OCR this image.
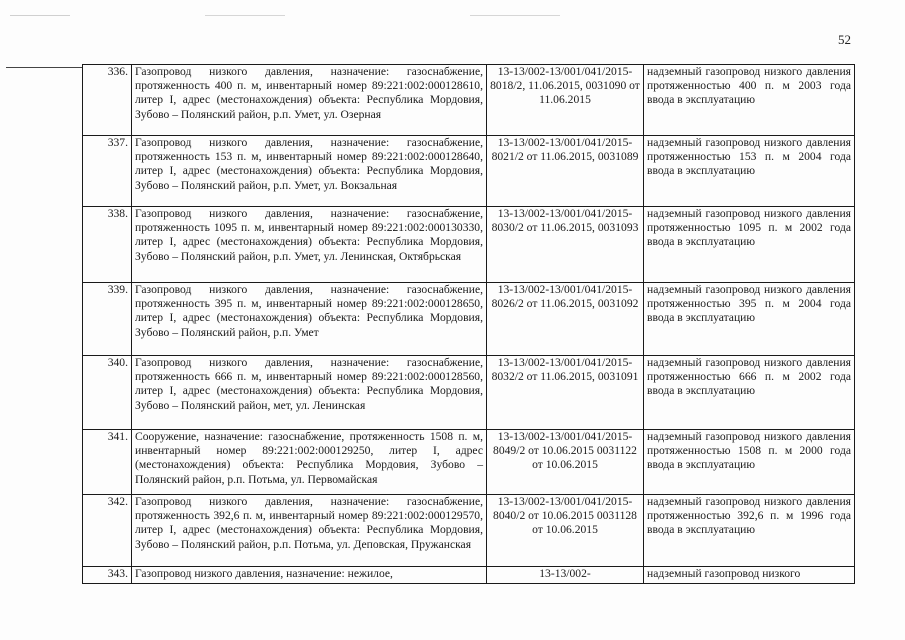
52
336.	Газопровод низкого давления, назначение: газоснабжение, протяженность 400 п. м, инвентарный номер 89:221:002:000128610, литер I, адрес (местонахождения) объекта: Республика Мордовия, Зубово – Полянский район, р.п. Умет, ул. Озерная	13-13/002-13/001/041/2015-8018/2, 11.06.2015, 0031090 от 11.06.2015	надземный газопровод низкого давления протяженностью 400 п. м 2003 года ввода в эксплуатацию
337.	Газопровод низкого давления, назначение: газоснабжение, протяженность 153 п. м, инвентарный номер 89:221:002:000128640, литер I, адрес (местонахождения) объекта: Республика Мордовия, Зубово – Полянский район, р.п. Умет, ул. Вокзальная	13-13/002-13/001/041/2015-8021/2 от 11.06.2015, 0031089	надземный газопровод низкого давления протяженностью 153 п. м 2004 года ввода в эксплуатацию
338.	Газопровод низкого давления, назначение: газоснабжение, протяженность 1095 п. м, инвентарный номер 89:221:002:000130330, литер I, адрес (местонахождения) объекта: Республика Мордовия, Зубово – Полянский район, р.п. Умет, ул. Ленинская, Октябрьская	13-13/002-13/001/041/2015-8030/2 от 11.06.2015, 0031093	надземный газопровод низкого давления протяженностью 1095 п. м 2002 года ввода в эксплуатацию
339.	Газопровод низкого давления, назначение: газоснабжение, протяженность 395 п. м, инвентарный номер 89:221:002:000128650, литер I, адрес (местонахождения) объекта: Республика Мордовия, Зубово – Полянский район, р.п. Умет	13-13/002-13/001/041/2015-8026/2 от 11.06.2015, 0031092	надземный газопровод низкого давления протяженностью 395 п. м 2004 года ввода в эксплуатацию
340.	Газопровод низкого давления, назначение: газоснабжение, протяженность 666 п. м, инвентарный номер 89:221:002:000128560, литер I, адрес (местонахождения) объекта: Республика Мордовия, Зубово – Полянский район, мет, ул. Ленинская	13-13/002-13/001/041/2015-8032/2 от 11.06.2015, 0031091	надземный газопровод низкого давления протяженностью 666 п. м 2002 года ввода в эксплуатацию
341.	Сооружение, назначение: газоснабжение, протяженность 1508 п. м, инвентарный номер 89:221:002:000129250, литер I, адрес (местонахождения) объекта: Республика Мордовия, Зубово – Полянский район, р.п. Потьма, ул. Первомайская	13-13/002-13/001/041/2015-8049/2 от 10.06.2015 0031122 от 10.06.2015	надземный газопровод низкого давления протяженностью 1508 п. м 2000 года ввода в эксплуатацию
342.	Газопровод низкого давления, назначение: газоснабжение, протяженность 392,6 п. м, инвентарный номер 89:221:002:000129570, литер I, адрес (местонахождения) объекта: Республика Мордовия, Зубово – Полянский район, р.п. Потьма, ул. Деповская, Пружанская	13-13/002-13/001/041/2015-8040/2 от 10.06.2015 0031128 от 10.06.2015	надземный газопровод низкого давления протяженностью 392,6 п. м 1996 года ввода в эксплуатацию
343.	Газопровод низкого давления, назначение: нежилое,	13-13/002-	надземный газопровод низкого
